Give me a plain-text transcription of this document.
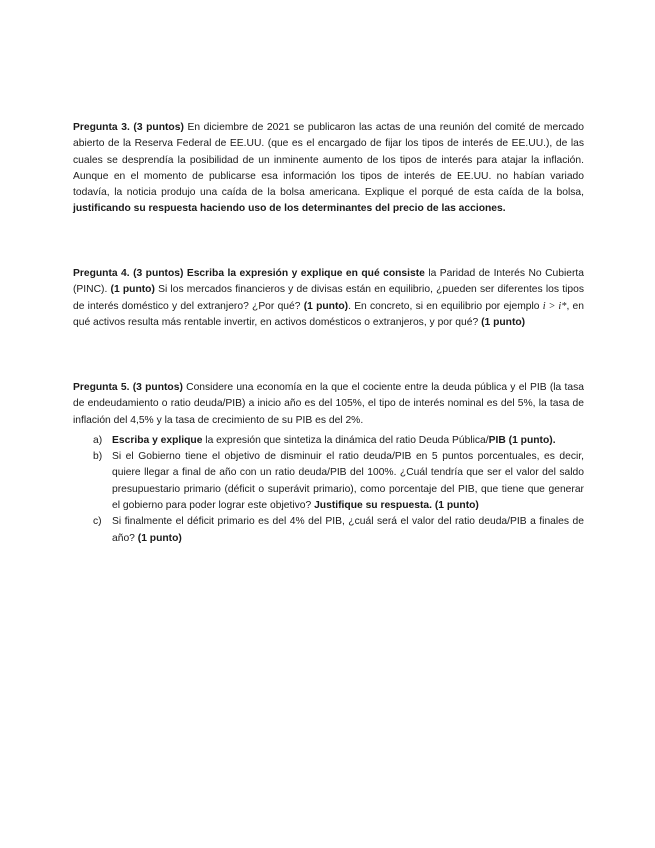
Pregunta 3. (3 puntos) En diciembre de 2021 se publicaron las actas de una reunión del comité de mercado abierto de la Reserva Federal de EE.UU. (que es el encargado de fijar los tipos de interés de EE.UU.), de las cuales se desprendía la posibilidad de un inminente aumento de los tipos de interés para atajar la inflación. Aunque en el momento de publicarse esa información los tipos de interés de EE.UU. no habían variado todavía, la noticia produjo una caída de la bolsa americana. Explique el porqué de esta caída de la bolsa, justificando su respuesta haciendo uso de los determinantes del precio de las acciones.
Pregunta 4. (3 puntos) Escriba la expresión y explique en qué consiste la Paridad de Interés No Cubierta (PINC). (1 punto) Si los mercados financieros y de divisas están en equilibrio, ¿pueden ser diferentes los tipos de interés doméstico y del extranjero? ¿Por qué? (1 punto). En concreto, si en equilibrio por ejemplo i > i*, en qué activos resulta más rentable invertir, en activos domésticos o extranjeros, y por qué? (1 punto)
Pregunta 5. (3 puntos) Considere una economía en la que el cociente entre la deuda pública y el PIB (la tasa de endeudamiento o ratio deuda/PIB) a inicio año es del 105%, el tipo de interés nominal es del 5%, la tasa de inflación del 4,5% y la tasa de crecimiento de su PIB es del 2%.
a) Escriba y explique la expresión que sintetiza la dinámica del ratio Deuda Pública/PIB (1 punto).
b) Si el Gobierno tiene el objetivo de disminuir el ratio deuda/PIB en 5 puntos porcentuales, es decir, quiere llegar a final de año con un ratio deuda/PIB del 100%. ¿Cuál tendría que ser el valor del saldo presupuestario primario (déficit o superávit primario), como porcentaje del PIB, que tiene que generar el gobierno para poder lograr este objetivo? Justifique su respuesta. (1 punto)
c) Si finalmente el déficit primario es del 4% del PIB, ¿cuál será el valor del ratio deuda/PIB a finales de año? (1 punto)
